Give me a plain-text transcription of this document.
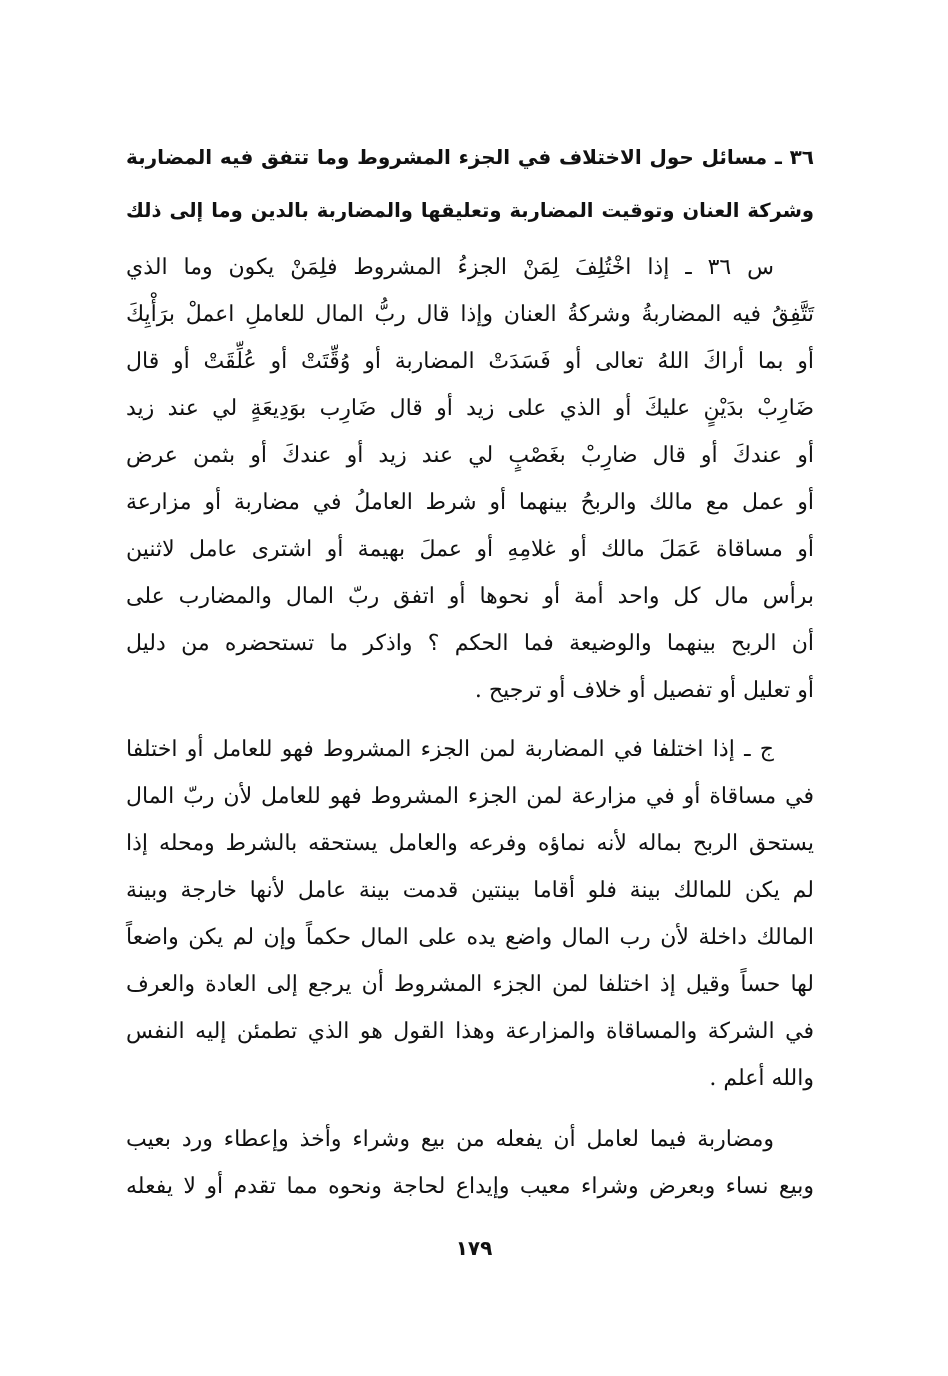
٣٦ ـ مسائل حول الاختلاف في الجزء المشروط وما تتفق فيه المضاربة
وشركة العنان وتوقيت المضاربة وتعليقها والمضاربة بالدين وما إلى ذلك
س ٣٦ ـ إذا اخْتُلِفَ لِمَنْ الجزءُ المشروط فلِمَنْ يكون وما الذي
تَتَّفِقُ فيه المضاربةُ وشركةُ العنان وإذا قال ربُّ المال للعاملِ اعملْ برَأْيِكَ
أو بما أراكَ اللهُ تعالى أو فَسَدَتْ المضاربة أو وُقِّتَتْ أو عُلِّقَتْ أو قال
ضَارِبْ بدَيْنٍ عليكَ أو الذي على زيد أو قال ضَارِب بوَدِيعَةٍ لي عند زيد
أو عندكَ أو قال ضارِبْ بغَصْبٍ لي عند زيد أو عندكَ أو بثمن عرض
أو عمل مع مالك والربحُ بينهما أو شرط العاملُ في مضاربة أو مزارعة
أو مساقاة عَمَلَ مالك أو غلامِهِ أو عملَ بهيمة أو اشترى عامل لاثنين
برأس مال كل واحد أمة أو نحوها أو اتفق ربّ المال والمضارب على
أن الربح بينهما والوضيعة فما الحكم ؟ واذكر ما تستحضره من دليل
أو تعليل أو تفصيل أو خلاف أو ترجيح .
ج ـ إذا اختلفا في المضاربة لمن الجزء المشروط فهو للعامل أو اختلفا
في مساقاة أو في مزارعة لمن الجزء المشروط فهو للعامل لأن ربّ المال
يستحق الربح بماله لأنه نماؤه وفرعه والعامل يستحقه بالشرط ومحله إذا
لم يكن للمالك بينة فلو أقاما بينتين قدمت بينة عامل لأنها خارجة وبينة
المالك داخلة لأن رب المال واضع يده على المال حكماً وإن لم يكن واضعاً
لها حساً وقيل إذ اختلفا لمن الجزء المشروط أن يرجع إلى العادة والعرف
في الشركة والمساقاة والمزارعة وهذا القول هو الذي تطمئن إليه النفس
والله أعلم .
ومضاربة فيما لعامل أن يفعله من بيع وشراء وأخذ وإعطاء ورد بعيب
وبيع نساء وبعرض وشراء معيب وإيداع لحاجة ونحوه مما تقدم أو لا يفعله
١٧٩
